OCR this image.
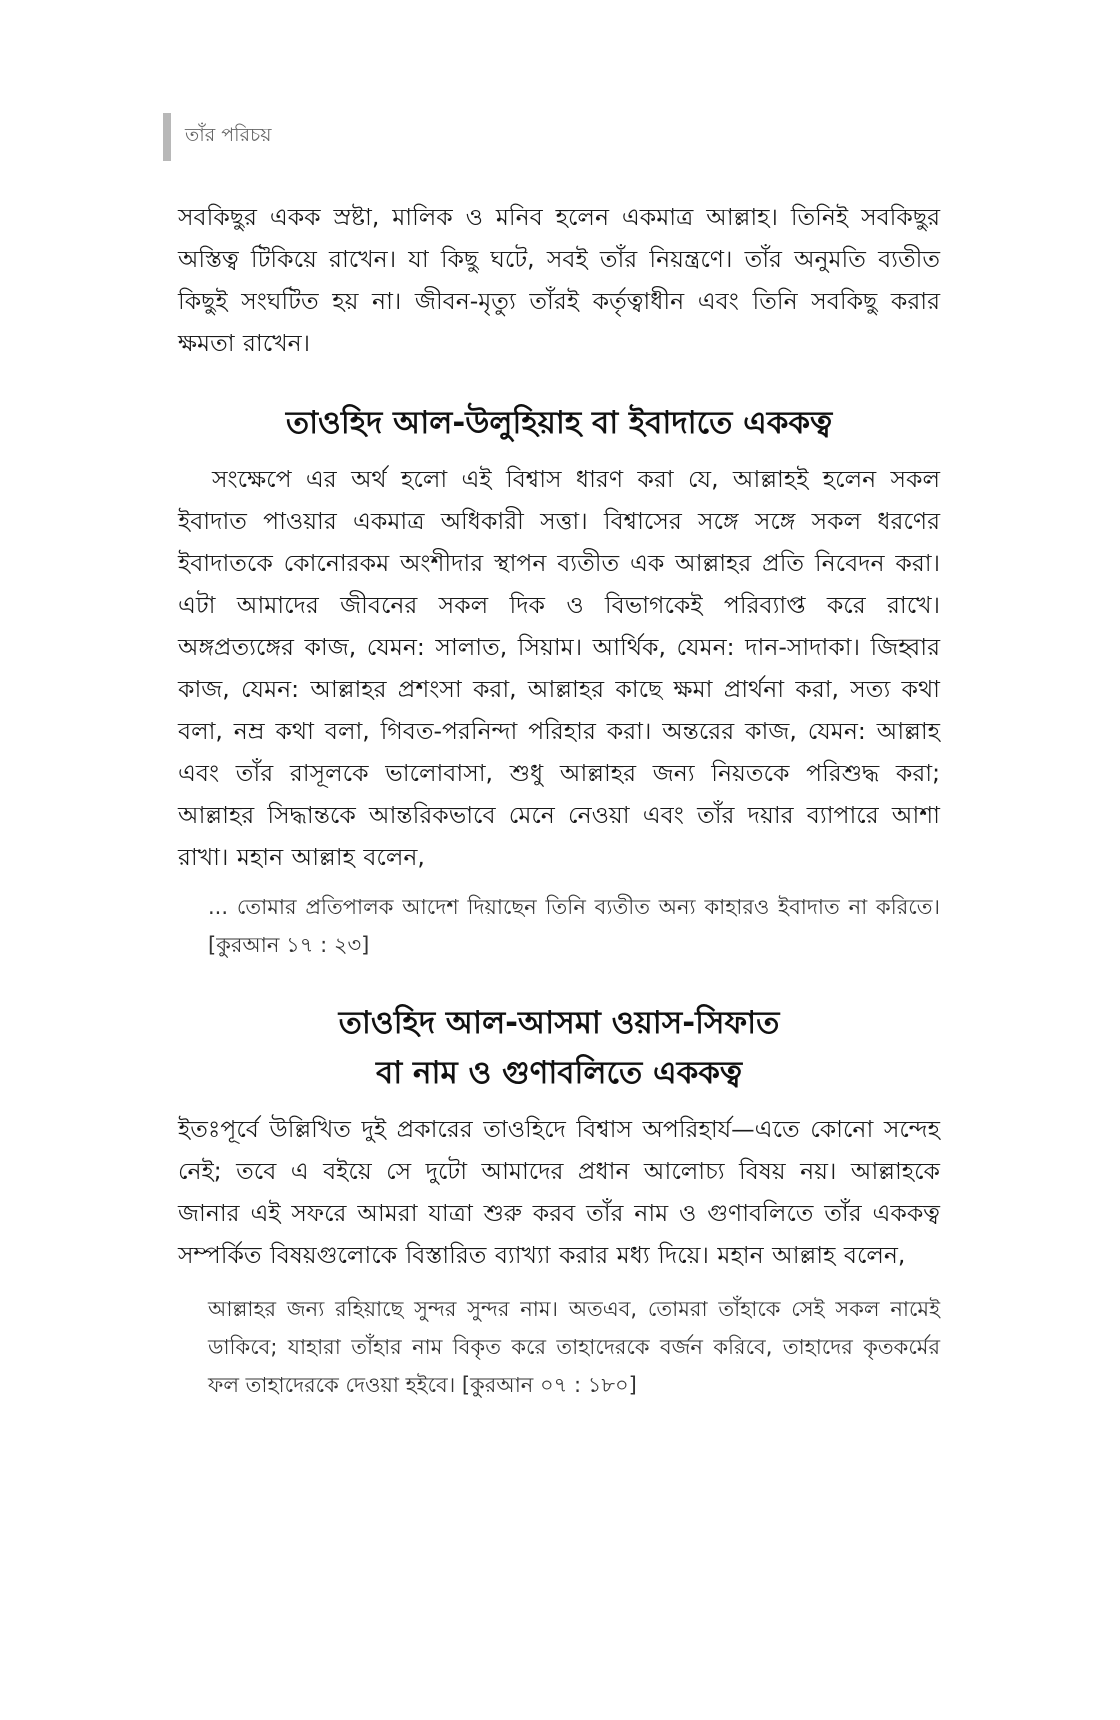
তাঁর পরিচয়

সবকিছুর একক স্রষ্টা, মালিক ও মনিব হলেন একমাত্র আল্লাহ। তিনিই সবকিছুর অস্তিত্ব টিকিয়ে রাখেন। যা কিছু ঘটে, সবই তাঁর নিয়ন্ত্রণে। তাঁর অনুমতি ব্যতীত কিছুই সংঘটিত হয় না। জীবন-মৃত্যু তাঁরই কর্তৃত্বাধীন এবং তিনি সবকিছু করার ক্ষমতা রাখেন।

তাওহিদ আল-উলুহিয়াহ বা ইবাদাতে এককত্ব

সংক্ষেপে এর অর্থ হলো এই বিশ্বাস ধারণ করা যে, আল্লাহই হলেন সকল ইবাদাত পাওয়ার একমাত্র অধিকারী সত্তা। বিশ্বাসের সঙ্গে সঙ্গে সকল ধরণের ইবাদাতকে কোনোরকম অংশীদার স্থাপন ব্যতীত এক আল্লাহর প্রতি নিবেদন করা। এটা আমাদের জীবনের সকল দিক ও বিভাগকেই পরিব্যাপ্ত করে রাখে। অঙ্গপ্রত্যঙ্গের কাজ, যেমন: সালাত, সিয়াম। আর্থিক, যেমন: দান-সাদাকা। জিহ্বার কাজ, যেমন: আল্লাহর প্রশংসা করা, আল্লাহর কাছে ক্ষমা প্রার্থনা করা, সত্য কথা বলা, নম্র কথা বলা, গিবত-পরনিন্দা পরিহার করা। অন্তরের কাজ, যেমন: আল্লাহ এবং তাঁর রাসূলকে ভালোবাসা, শুধু আল্লাহর জন্য নিয়তকে পরিশুদ্ধ করা; আল্লাহর সিদ্ধান্তকে আন্তরিকভাবে মেনে নেওয়া এবং তাঁর দয়ার ব্যাপারে আশা রাখা। মহান আল্লাহ বলেন,

... তোমার প্রতিপালক আদেশ দিয়াছেন তিনি ব্যতীত অন্য কাহারও ইবাদাত না করিতে। [কুরআন ১৭ : ২৩]
তাওহিদ আল-আসমা ওয়াস-সিফাত
বা নাম ও গুণাবলিতে এককত্ব

ইতঃপূর্বে উল্লিখিত দুই প্রকারের তাওহিদে বিশ্বাস অপরিহার্য—এতে কোনো সন্দেহ নেই; তবে এ বইয়ে সে দুটো আমাদের প্রধান আলোচ্য বিষয় নয়। আল্লাহকে জানার এই সফরে আমরা যাত্রা শুরু করব তাঁর নাম ও গুণাবলিতে তাঁর এককত্ব সম্পর্কিত বিষয়গুলোকে বিস্তারিত ব্যাখ্যা করার মধ্য দিয়ে। মহান আল্লাহ বলেন,

আল্লাহর জন্য রহিয়াছে সুন্দর সুন্দর নাম। অতএব, তোমরা তাঁহাকে সেই সকল নামেই ডাকিবে; যাহারা তাঁহার নাম বিকৃত করে তাহাদেরকে বর্জন করিবে, তাহাদের কৃতকর্মের ফল তাহাদেরকে দেওয়া হইবে। [কুরআন ০৭ : ১৮০]
